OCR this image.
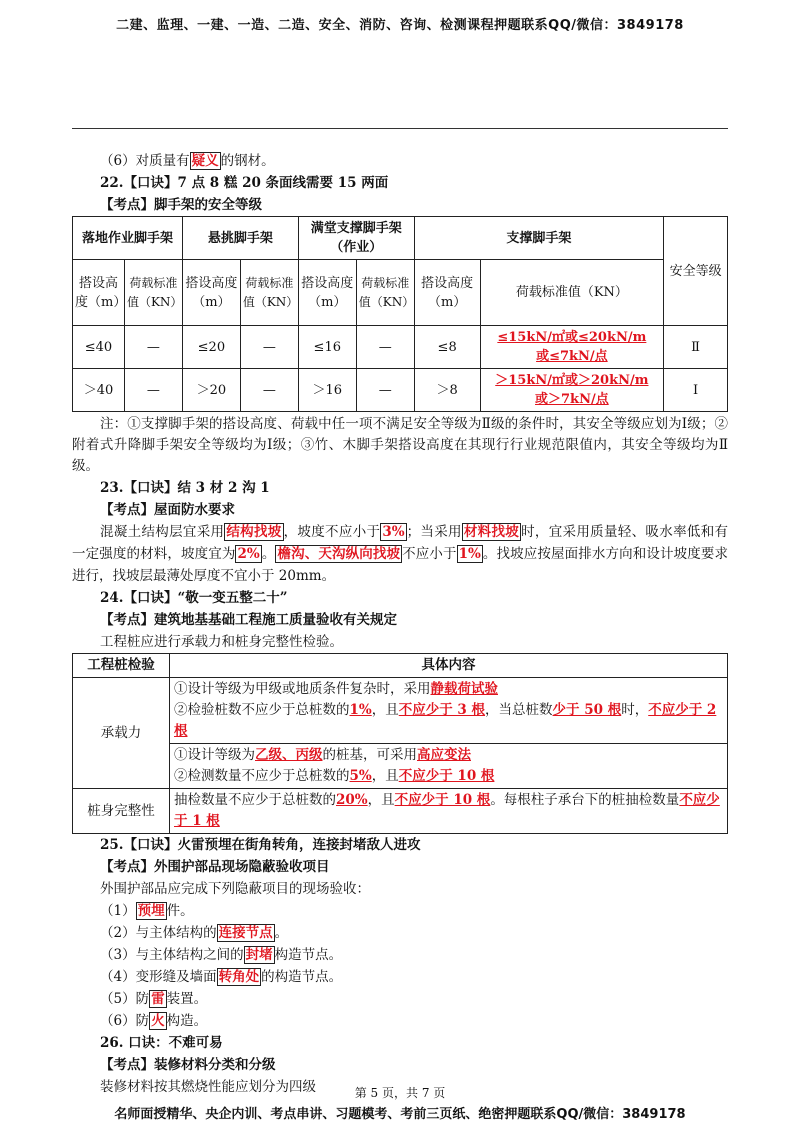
二建、监理、一建、一造、二造、安全、消防、咨询、检测课程押题联系QQ/微信：3849178
（6）对质量有 疑义 的钢材。
22.【口诀】7 点 8 糕 20 条面线需要 15 两面
【考点】脚手架的安全等级
落地作业脚手架		悬挑脚手架		满堂支撑脚手架（作业）		支撑脚手架		安全等级
搭设高度（m）	荷载标准值（KN）	搭设高度（m）	荷载标准值（KN）	搭设高度（m）	荷载标准值（KN）	搭设高度（m）	荷载标准值（KN）	
≤40	—	≤20	—	≤16	—	≤8	≤15kN/㎡或≤20kN/m
或≤7kN/点	Ⅱ
＞40	—	＞20	—	＞16	—	＞8	＞15kN/㎡或＞20kN/m
或＞7kN/点	Ⅰ
注：①支撑脚手架的搭设高度、荷载中任一项不满足安全等级为Ⅱ级的条件时，其安全等级应划为Ⅰ级；②附着式升降脚手架安全等级均为Ⅰ级；③竹、木脚手架搭设高度在其现行行业规范限值内，其安全等级均为Ⅱ级。
23.【口诀】结 3 材 2 沟 1
【考点】屋面防水要求
混凝土结构层宜采用 结构找坡 ，坡度不应小于 3% ；当采用 材料找坡 时，宜采用质量轻、吸水率低和有一定强度的材料，坡度宜为 2% 。 檐沟、天沟纵向找坡 不应小于 1% 。找坡应按屋面排水方向和设计坡度要求进行，找坡层最薄处厚度不宜小于 20mm。
24.【口诀】“敬一变五整二十”
【考点】建筑地基基础工程施工质量验收有关规定
工程桩应进行承载力和桩身完整性检验。
工程桩检验	具体内容
承载力	①设计等级为甲级或地质条件复杂时，采用静载荷试验
②检验桩数不应少于总桩数的1%，且不应少于 3 根，当总桩数少于 50 根时，不应少于 2 根

	①设计等级为乙级、丙级的桩基，可采用高应变法
②检测数量不应少于总桩数的5%，且不应少于 10 根

桩身完整性	抽检数量不应少于总桩数的20%，且不应少于 10 根。每根柱子承台下的桩抽检数量不应少于 1 根
25.【口诀】火雷预埋在街角转角，连接封堵敌人进攻
【考点】外围护部品现场隐蔽验收项目
外围护部品应完成下列隐蔽项目的现场验收：
（1） 预埋 件。
（2）与主体结构的 连接节点 。
（3）与主体结构之间的 封堵 构造节点。
（4）变形缝及墙面 转角处 的构造节点。
（5）防 雷 装置。
（6）防 火 构造。
26. 口诀：不难可易
【考点】装修材料分类和分级
装修材料按其燃烧性能应划分为四级	第 5 页，共 7 页
名师面授精华、央企内训、考点串讲、习题模考、考前三页纸、绝密押题联系QQ/微信：3849178
